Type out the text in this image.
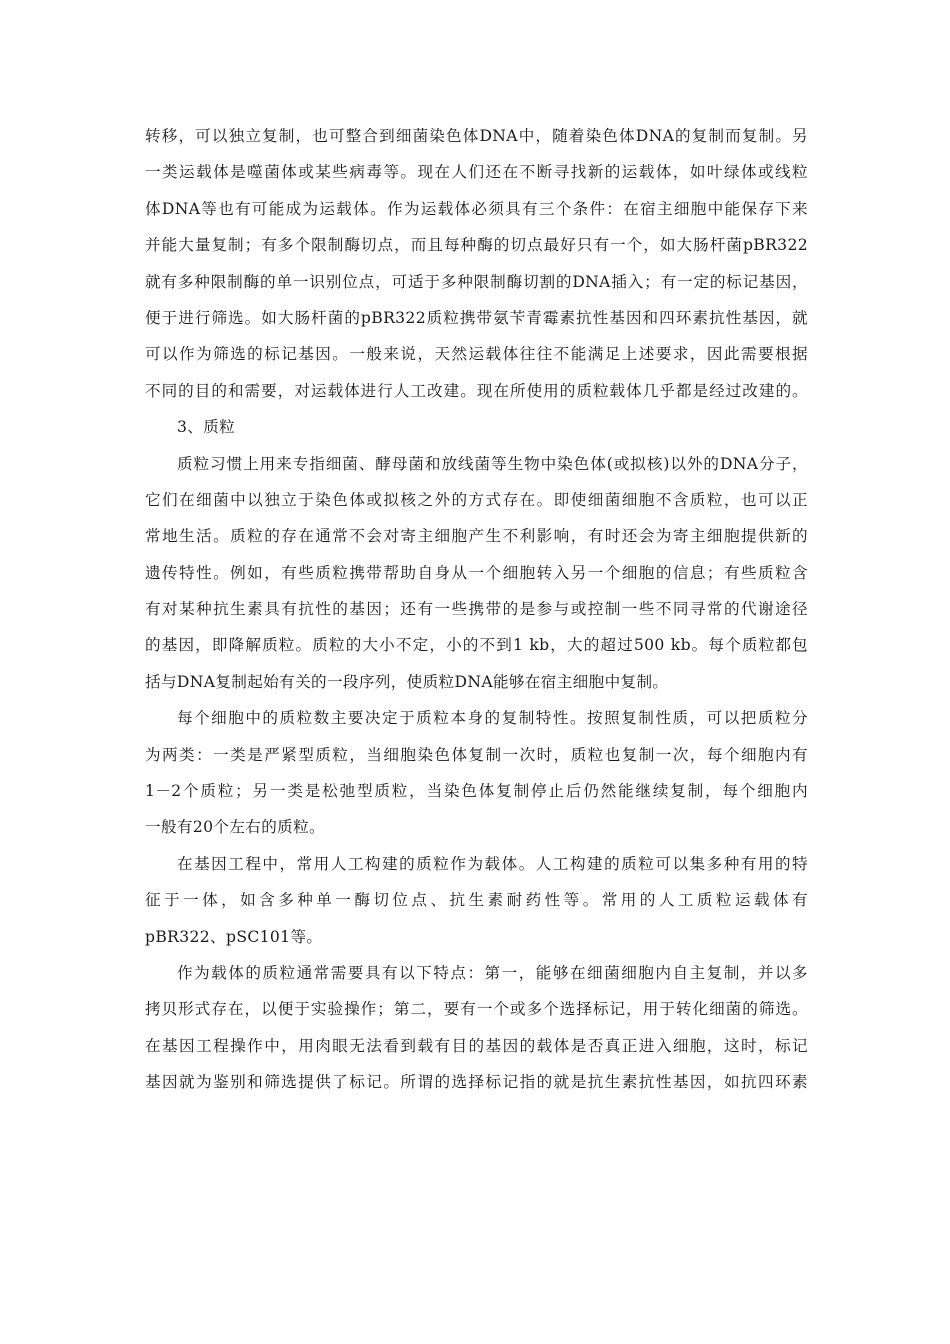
转移，可以独立复制，也可整合到细菌染色体DNA中，随着染色体DNA的复制而复制。另
一类运载体是噬菌体或某些病毒等。现在人们还在不断寻找新的运载体，如叶绿体或线粒
体DNA等也有可能成为运载体。作为运载体必须具有三个条件：在宿主细胞中能保存下来
并能大量复制；有多个限制酶切点，而且每种酶的切点最好只有一个，如大肠杆菌pBR322
就有多种限制酶的单一识别位点，可适于多种限制酶切割的DNA插入；有一定的标记基因，
便于进行筛选。如大肠杆菌的pBR322质粒携带氨苄青霉素抗性基因和四环素抗性基因，就
可以作为筛选的标记基因。一般来说，天然运载体往往不能满足上述要求，因此需要根据
不同的目的和需要，对运载体进行人工改建。现在所使用的质粒载体几乎都是经过改建的。
3、质粒
质粒习惯上用来专指细菌、酵母菌和放线菌等生物中染色体(或拟核)以外的DNA分子，
它们在细菌中以独立于染色体或拟核之外的方式存在。即使细菌细胞不含质粒，也可以正
常地生活。质粒的存在通常不会对寄主细胞产生不利影响，有时还会为寄主细胞提供新的
遗传特性。例如，有些质粒携带帮助自身从一个细胞转入另一个细胞的信息；有些质粒含
有对某种抗生素具有抗性的基因；还有一些携带的是参与或控制一些不同寻常的代谢途径
的基因，即降解质粒。质粒的大小不定，小的不到1 kb，大的超过500 kb。每个质粒都包
括与DNA复制起始有关的一段序列，使质粒DNA能够在宿主细胞中复制。
每个细胞中的质粒数主要决定于质粒本身的复制特性。按照复制性质，可以把质粒分
为两类：一类是严紧型质粒，当细胞染色体复制一次时，质粒也复制一次，每个细胞内有
1－2个质粒；另一类是松弛型质粒，当染色体复制停止后仍然能继续复制，每个细胞内
一般有20个左右的质粒。
在基因工程中，常用人工构建的质粒作为载体。人工构建的质粒可以集多种有用的特
征于一体，如含多种单一酶切位点、抗生素耐药性等。常用的人工质粒运载体有
pBR322、pSC101等。
作为载体的质粒通常需要具有以下特点：第一，能够在细菌细胞内自主复制，并以多
拷贝形式存在，以便于实验操作；第二，要有一个或多个选择标记，用于转化细菌的筛选。
在基因工程操作中，用肉眼无法看到载有目的基因的载体是否真正进入细胞，这时，标记
基因就为鉴别和筛选提供了标记。所谓的选择标记指的就是抗生素抗性基因，如抗四环素
